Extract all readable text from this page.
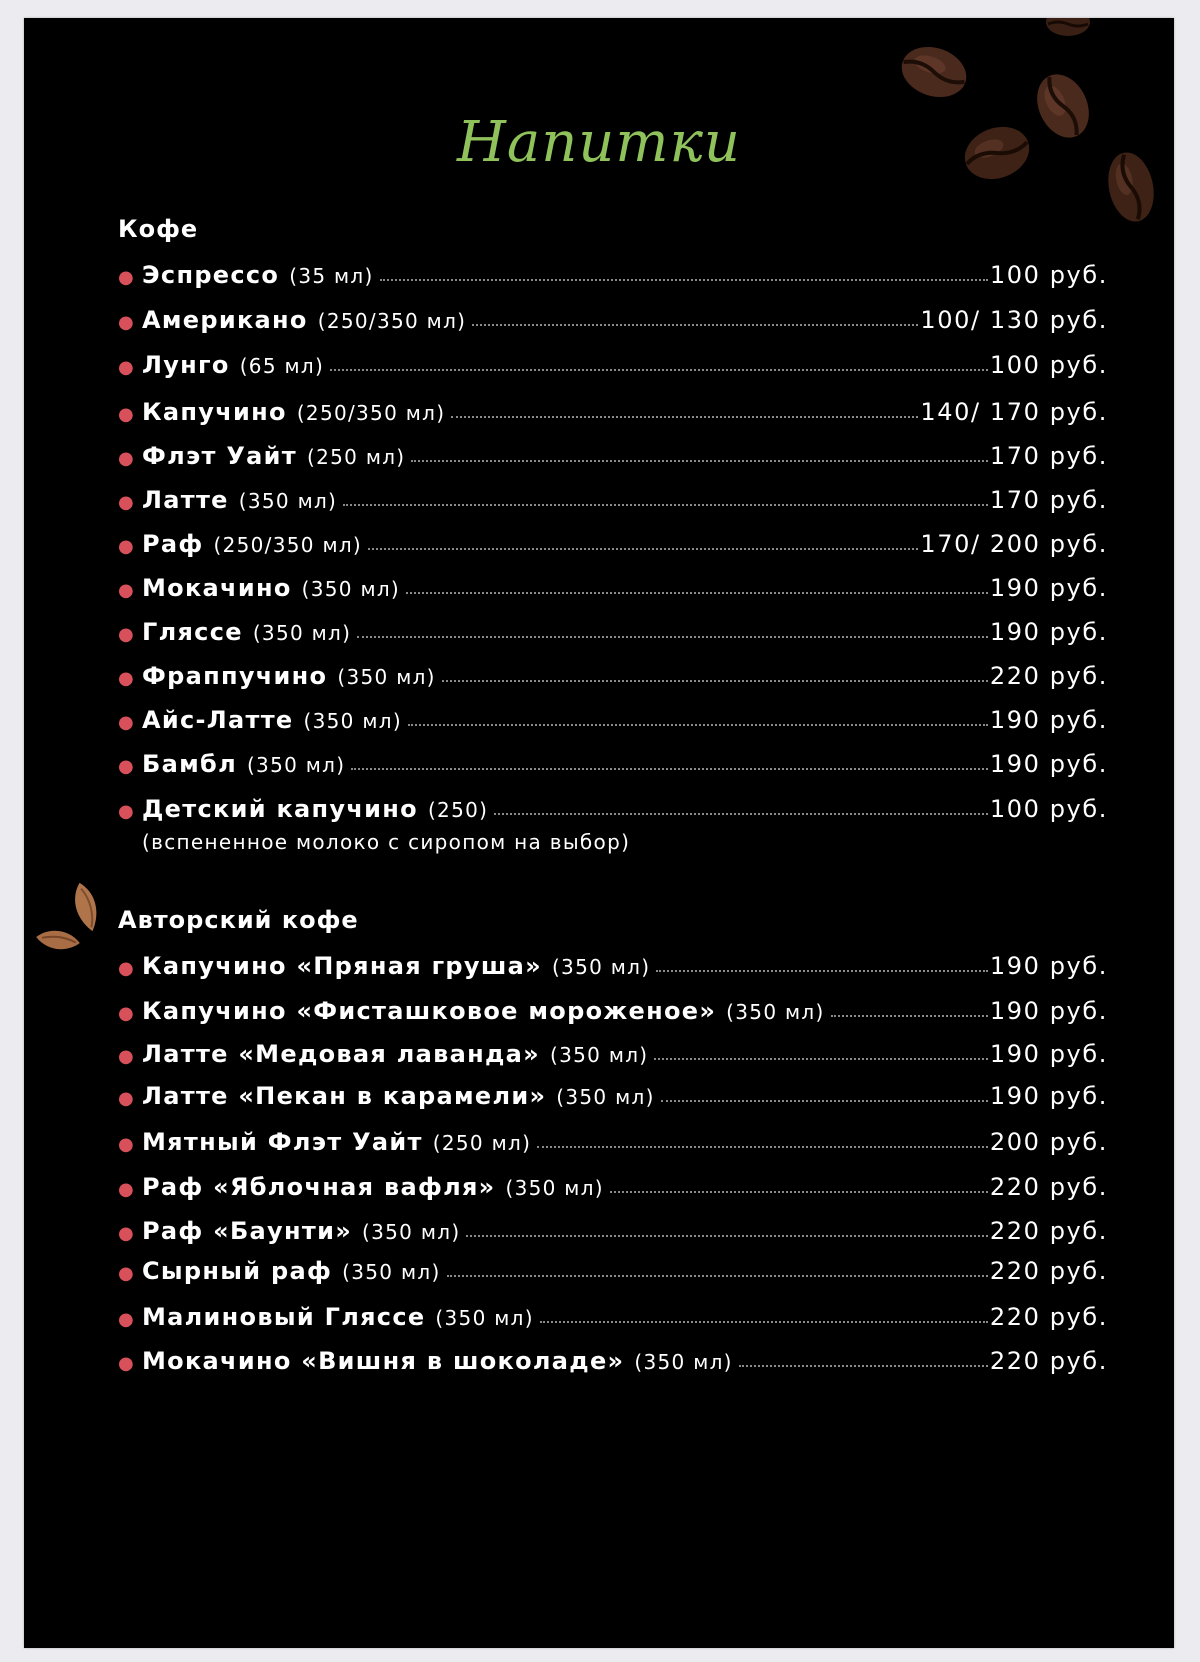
Напитки
Кофе
● Эспрессо (35 мл)	100 руб.
● Американо (250/350 мл)	100/ 130 руб.
● Лунго (65 мл)	100 руб.
● Капучино (250/350 мл)	140/ 170 руб.
● Флэт Уайт (250 мл)	170 руб.
● Латте (350 мл)	170 руб.
● Раф (250/350 мл)	170/ 200 руб.
● Мокачино (350 мл)	190 руб.
● Гляссе (350 мл)	190 руб.
● Фраппучино (350 мл)	220 руб.
● Айс-Латте (350 мл)	190 руб.
● Бамбл (350 мл)	190 руб.
● Детский капучино (250)	100 руб.
(вспененное молоко с сиропом на выбор)
Авторский кофе
● Капучино «Пряная груша» (350 мл)	190 руб.
● Капучино «Фисташковое мороженое» (350 мл)	190 руб.
● Латте «Медовая лаванда» (350 мл)	190 руб.
● Латте «Пекан в карамели» (350 мл)	190 руб.
● Мятный Флэт Уайт (250 мл)	200 руб.
● Раф «Яблочная вафля» (350 мл)	220 руб.
● Раф «Баунти» (350 мл)	220 руб.
● Сырный раф (350 мл)	220 руб.
● Малиновый Гляссе (350 мл)	220 руб.
● Мокачино «Вишня в шоколаде» (350 мл)	220 руб.
